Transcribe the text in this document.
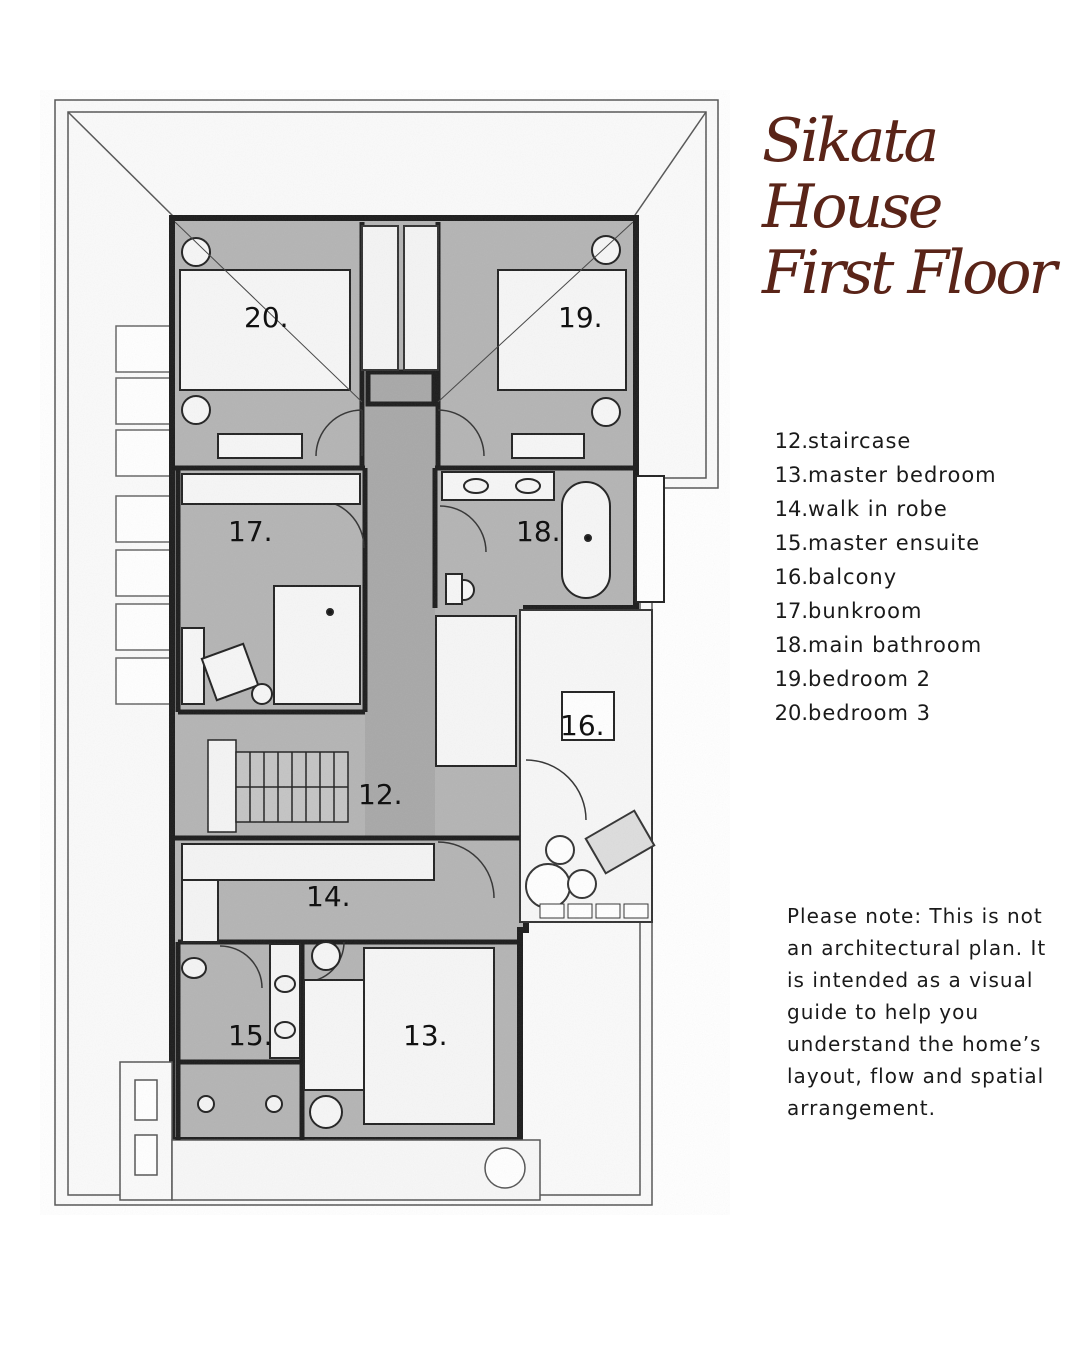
20.	19.
17.	18.
16.
12.
14.
15.	13.
Sikata
House
First Floor
12.staircase
13.master bedroom
14.walk in robe
15.master ensuite
16.balcony
17.bunkroom
18.main bathroom
19.bedroom 2
20.bedroom 3
Please note: This is not an architectural plan. It is intended as a visual guide to help you understand the home’s layout, flow and spatial arrangement.
